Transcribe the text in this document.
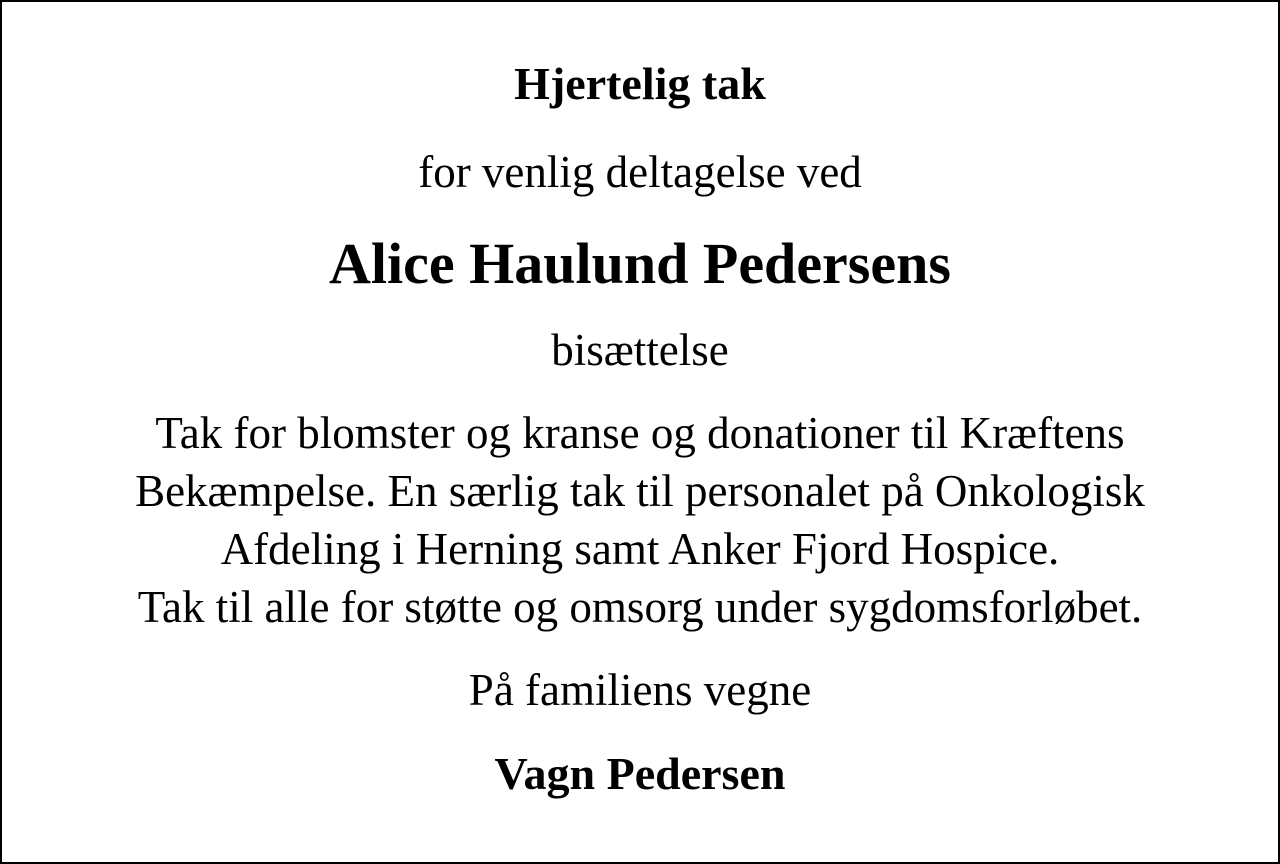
Hjertelig tak

for venlig deltagelse ved

Alice Haulund Pedersens

bisættelse

Tak for blomster og kranse og donationer til Kræftens
Bekæmpelse. En særlig tak til personalet på Onkologisk
Afdeling i Herning samt Anker Fjord Hospice.
Tak til alle for støtte og omsorg under sygdomsforløbet.

På familiens vegne

Vagn Pedersen
